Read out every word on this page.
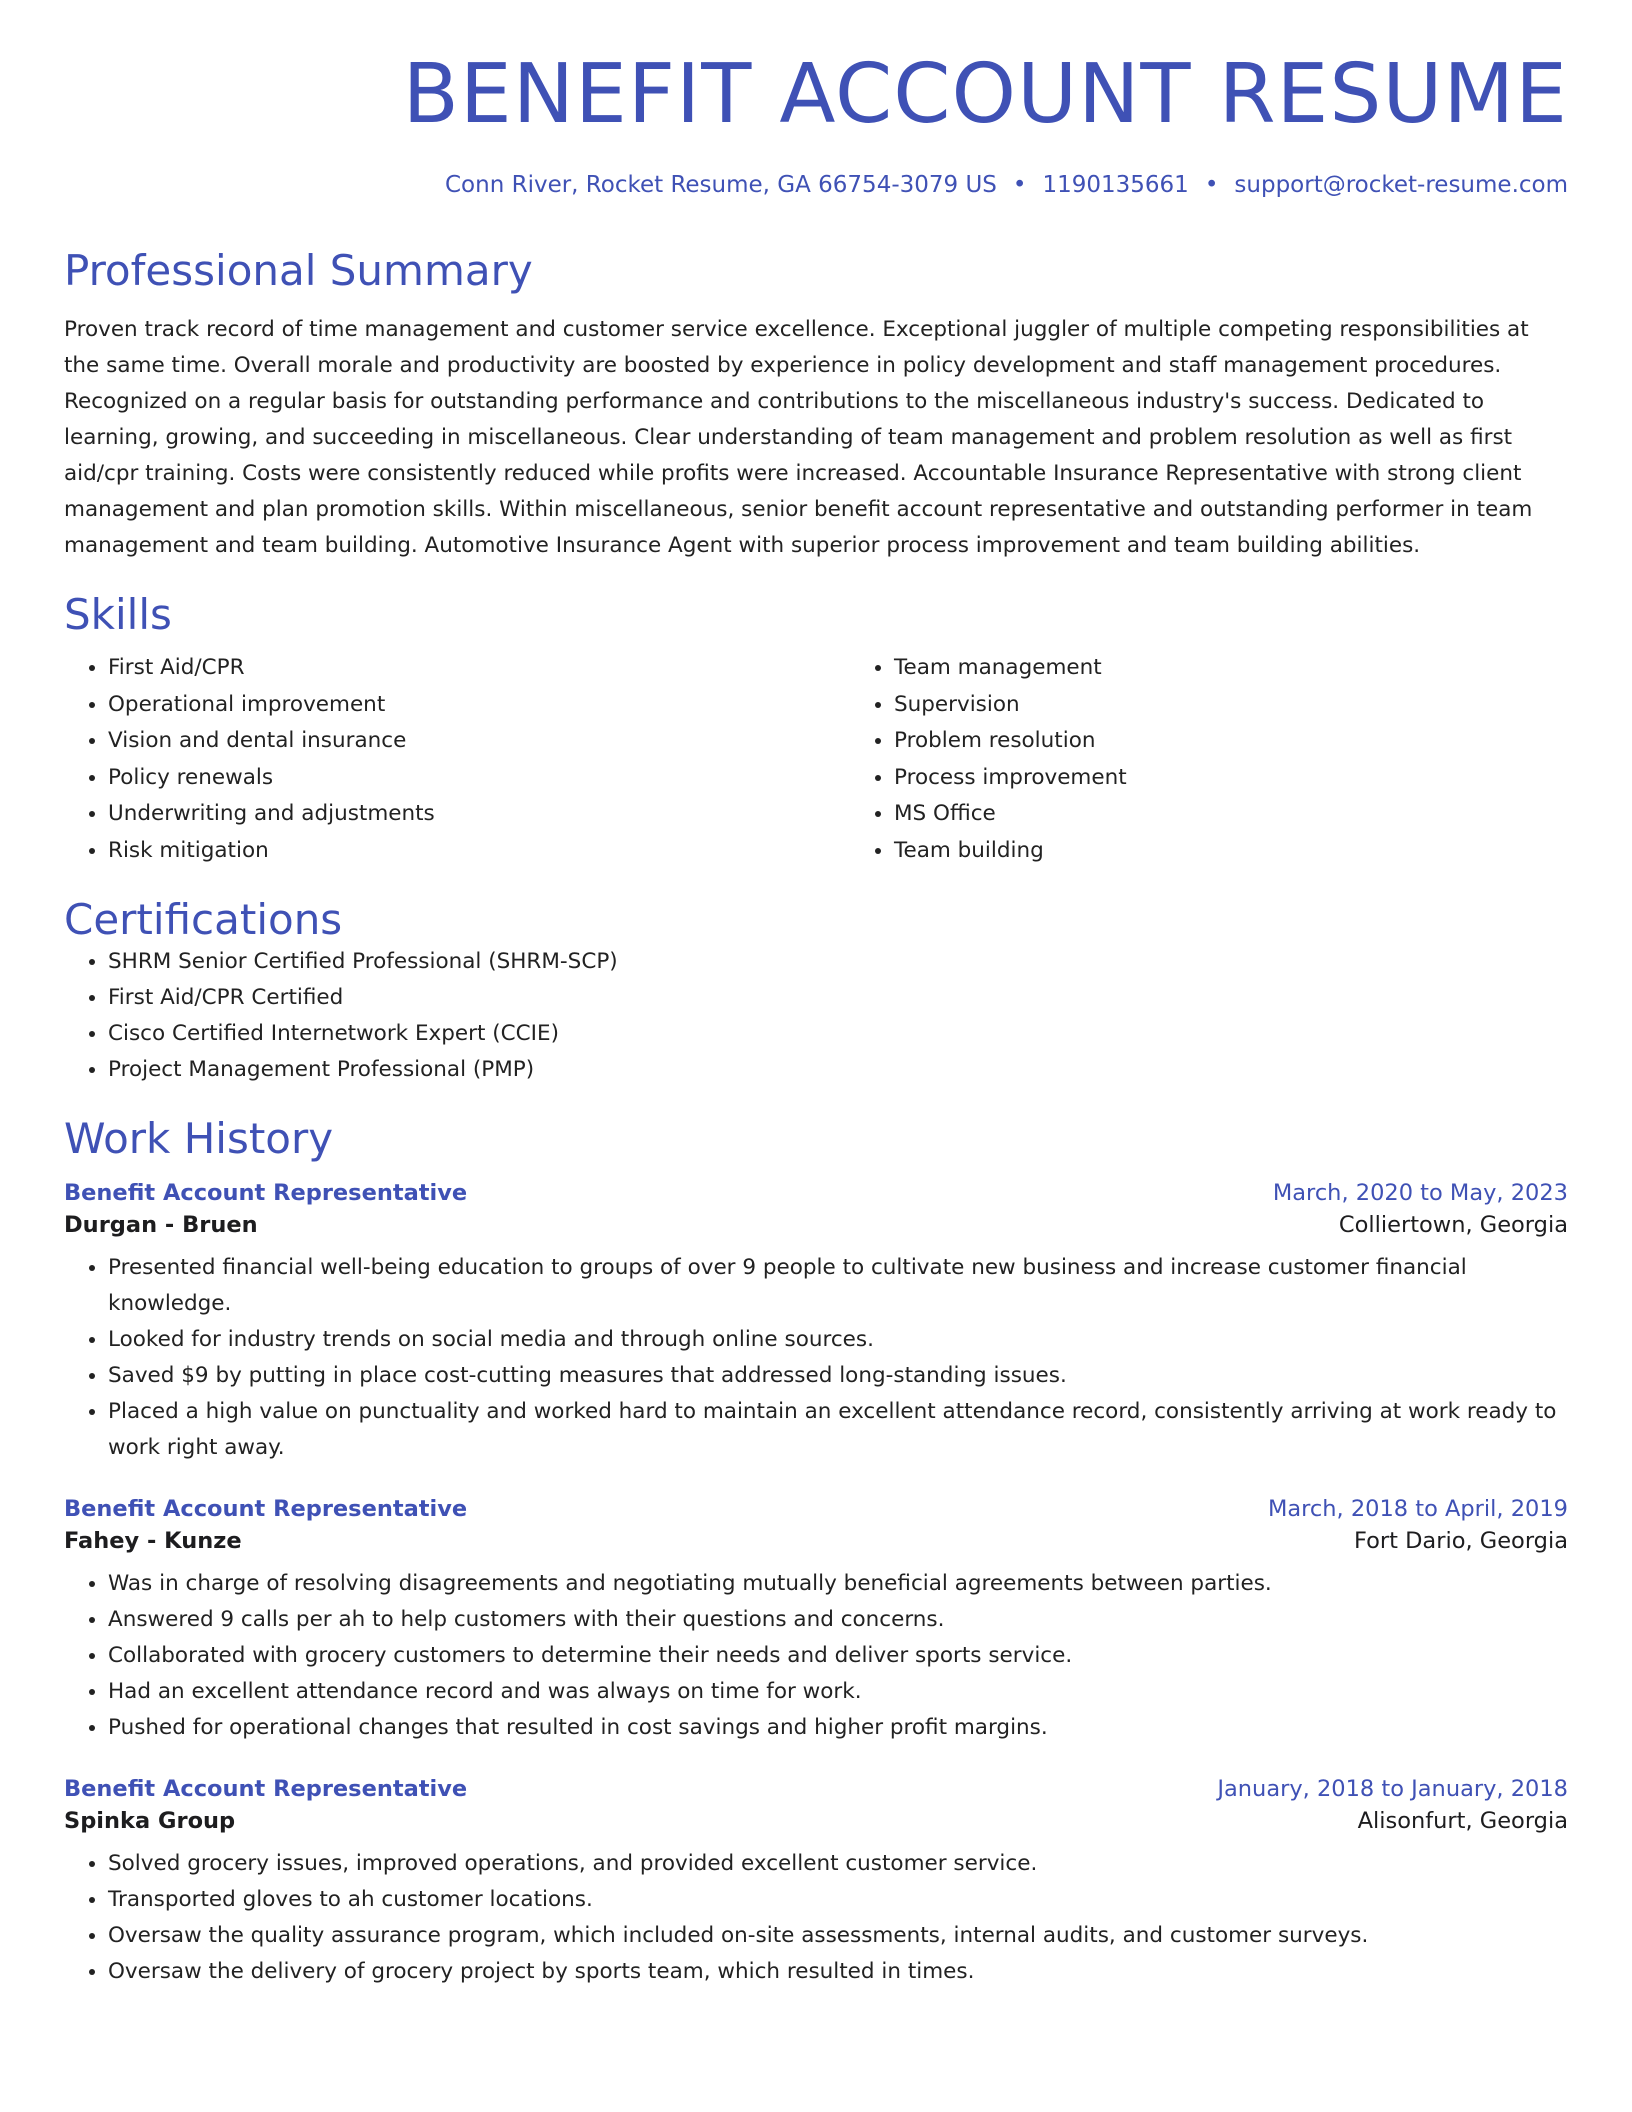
BENEFIT ACCOUNT RESUME
Conn River, Rocket Resume, GA 66754-3079 US • 1190135661 • support@rocket-resume.com
Professional Summary

Proven track record of time management and customer service excellence. Exceptional juggler of multiple competing responsibilities at the same time. Overall morale and productivity are boosted by experience in policy development and staff management procedures. Recognized on a regular basis for outstanding performance and contributions to the miscellaneous industry's success. Dedicated to learning, growing, and succeeding in miscellaneous. Clear understanding of team management and problem resolution as well as first aid/cpr training. Costs were consistently reduced while profits were increased. Accountable Insurance Representative with strong client management and plan promotion skills. Within miscellaneous, senior benefit account representative and outstanding performer in team management and team building. Automotive Insurance Agent with superior process improvement and team building abilities.

Skills
• First Aid/CPR
• Operational improvement
• Vision and dental insurance
• Policy renewals
• Underwriting and adjustments
• Risk mitigation
• Team management
• Supervision
• Problem resolution
• Process improvement
• MS Office
• Team building
Certifications
• SHRM Senior Certified Professional (SHRM-SCP)
• First Aid/CPR Certified
• Cisco Certified Internetwork Expert (CCIE)
• Project Management Professional (PMP)
Work History
Benefit Account Representative	March, 2020 to May, 2023
Durgan - Bruen	Colliertown, Georgia
• Presented financial well-being education to groups of over 9 people to cultivate new business and increase customer financial knowledge.
• Looked for industry trends on social media and through online sources.
• Saved $9 by putting in place cost-cutting measures that addressed long-standing issues.
• Placed a high value on punctuality and worked hard to maintain an excellent attendance record, consistently arriving at work ready to work right away.
Benefit Account Representative	March, 2018 to April, 2019
Fahey - Kunze	Fort Dario, Georgia
• Was in charge of resolving disagreements and negotiating mutually beneficial agreements between parties.
• Answered 9 calls per ah to help customers with their questions and concerns.
• Collaborated with grocery customers to determine their needs and deliver sports service.
• Had an excellent attendance record and was always on time for work.
• Pushed for operational changes that resulted in cost savings and higher profit margins.
Benefit Account Representative	January, 2018 to January, 2018
Spinka Group	Alisonfurt, Georgia
• Solved grocery issues, improved operations, and provided excellent customer service.
• Transported gloves to ah customer locations.
• Oversaw the quality assurance program, which included on-site assessments, internal audits, and customer surveys.
• Oversaw the delivery of grocery project by sports team, which resulted in times.
